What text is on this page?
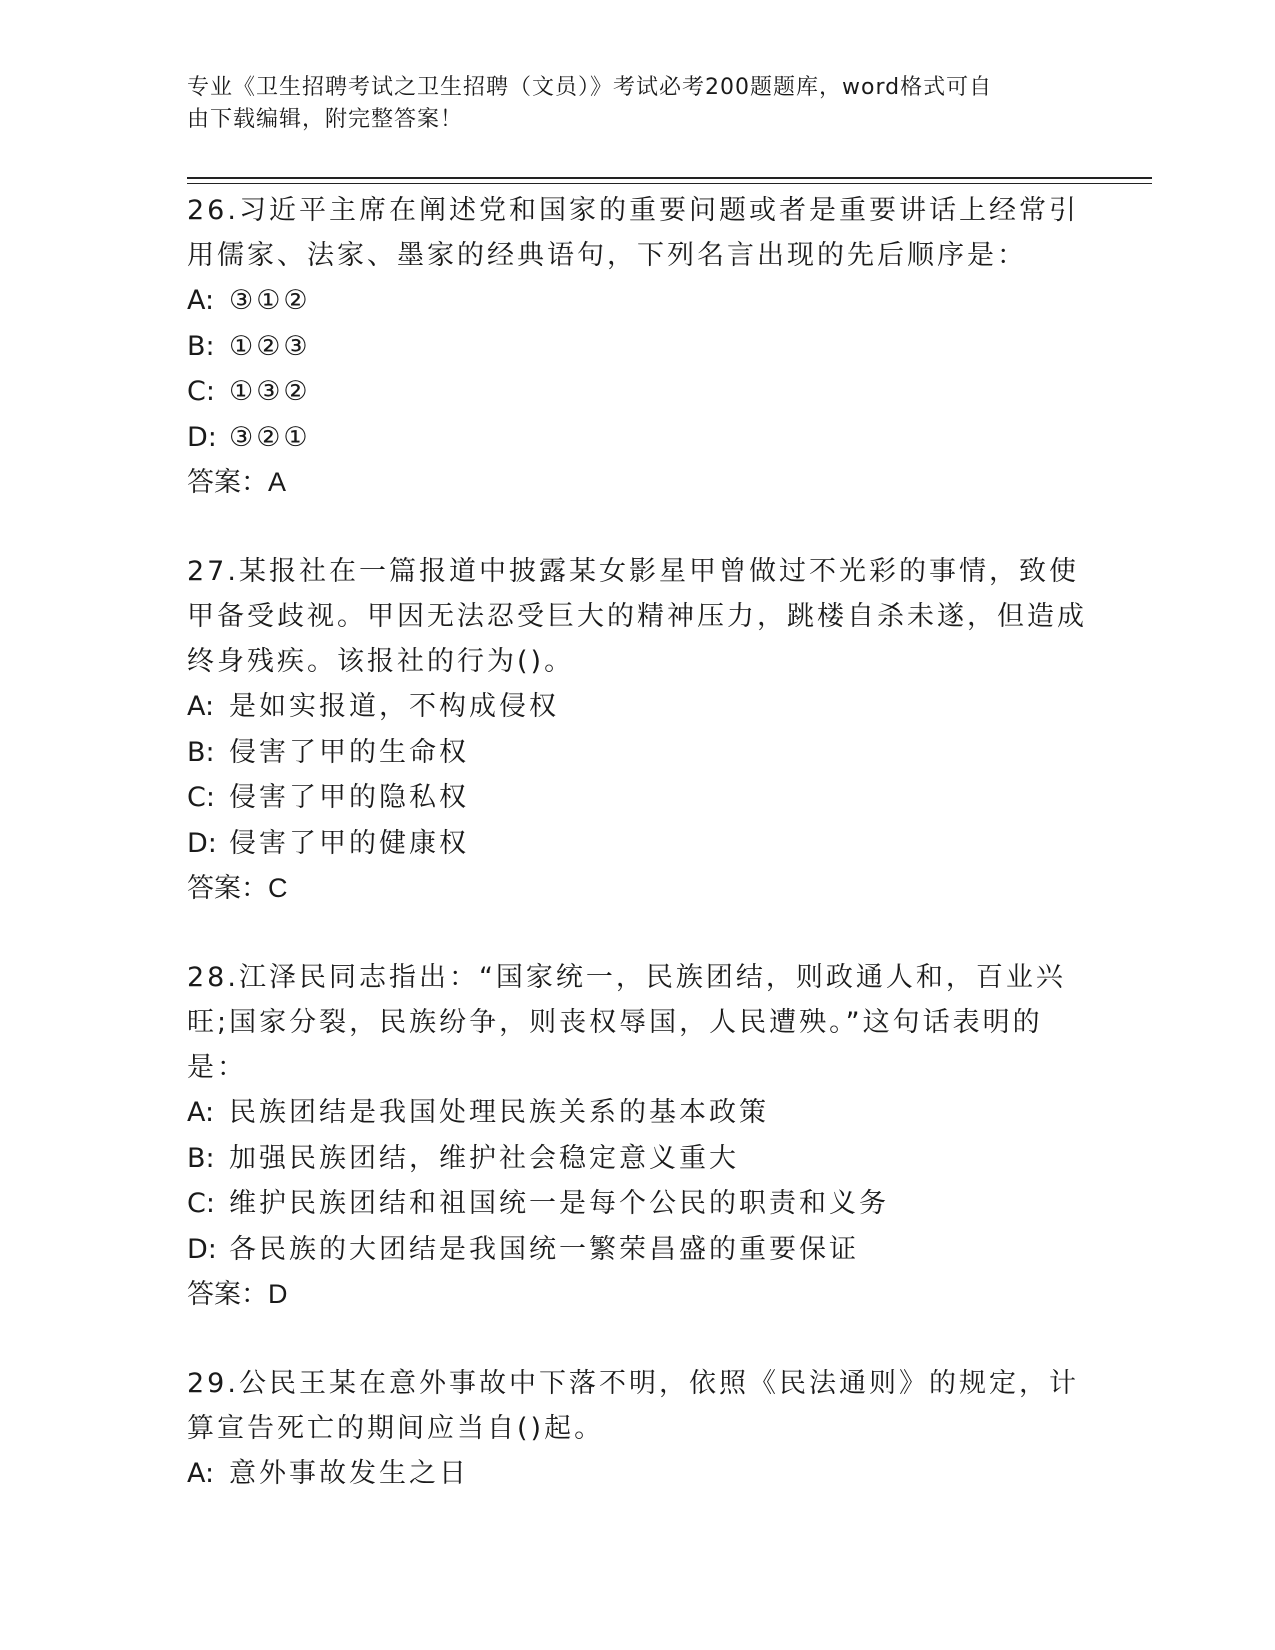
专业《卫生招聘考试之卫生招聘（文员）》考试必考200题题库，word格式可自
由下载编辑，附完整答案！
26.习近平主席在阐述党和国家的重要问题或者是重要讲话上经常引用儒家、法家、墨家的经典语句，下列名言出现的先后顺序是：
A: ③①②
B: ①②③
C: ①③②
D: ③②①
答案：A
27.某报社在一篇报道中披露某女影星甲曾做过不光彩的事情，致使甲备受歧视。甲因无法忍受巨大的精神压力，跳楼自杀未遂，但造成终身残疾。该报社的行为()。
A: 是如实报道，不构成侵权
B: 侵害了甲的生命权
C: 侵害了甲的隐私权
D: 侵害了甲的健康权
答案：C
28.江泽民同志指出：“国家统一，民族团结，则政通人和，百业兴旺;国家分裂，民族纷争，则丧权辱国，人民遭殃。”这句话表明的是：
A: 民族团结是我国处理民族关系的基本政策
B: 加强民族团结，维护社会稳定意义重大
C: 维护民族团结和祖国统一是每个公民的职责和义务
D: 各民族的大团结是我国统一繁荣昌盛的重要保证
答案：D
29.公民王某在意外事故中下落不明，依照《民法通则》的规定，计算宣告死亡的期间应当自()起。
A: 意外事故发生之日
